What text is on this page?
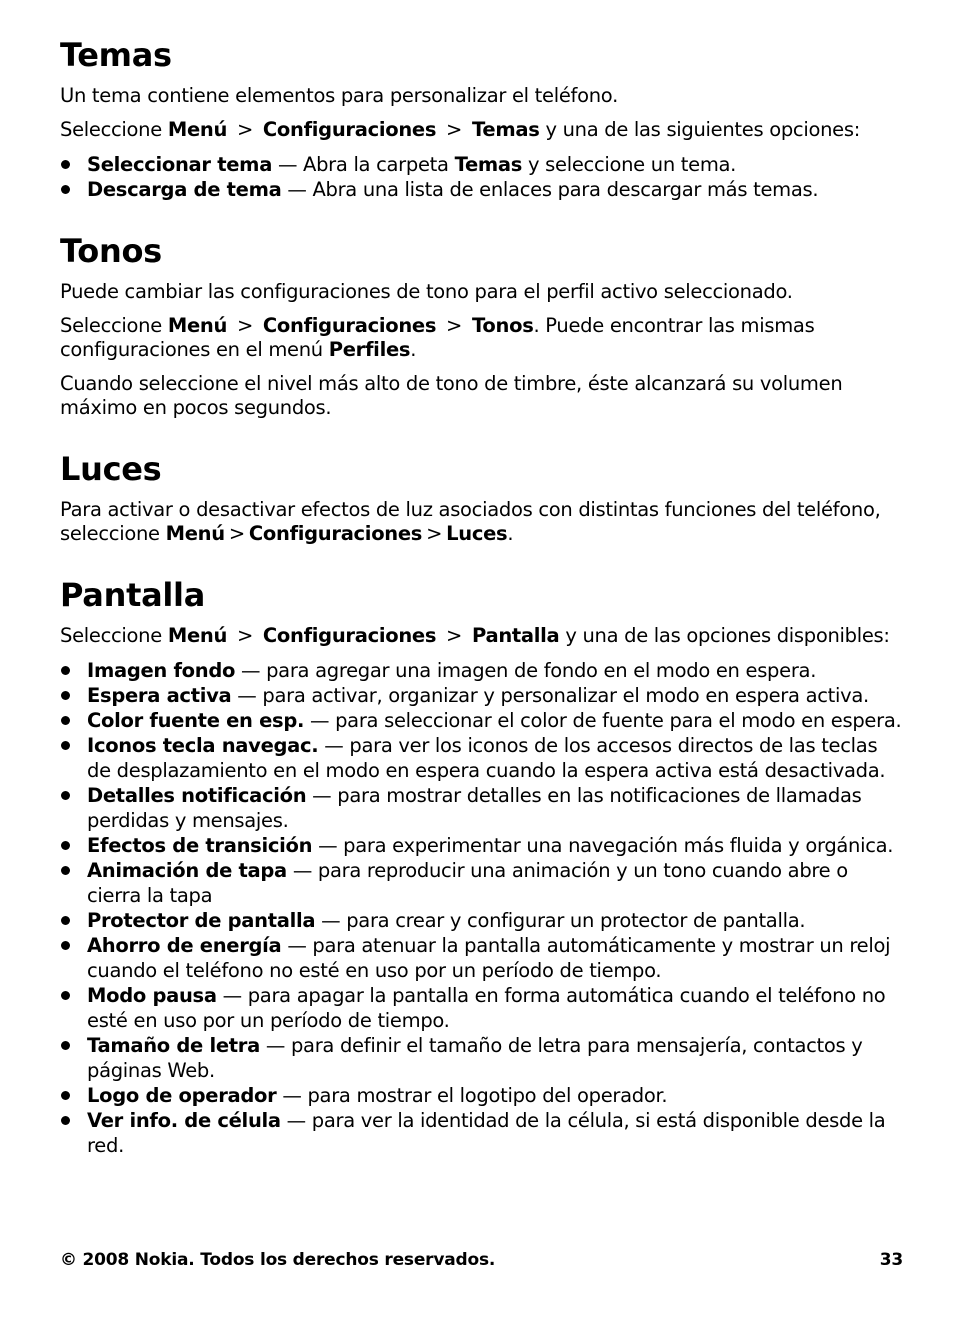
Temas

Un tema contiene elementos para personalizar el teléfono.

Seleccione Menú > Configuraciones > Temas y una de las siguientes opciones:

Seleccionar tema — Abra la carpeta Temas y seleccione un tema.
Descarga de tema — Abra una lista de enlaces para descargar más temas.
Tonos

Puede cambiar las configuraciones de tono para el perfil activo seleccionado.

Seleccione Menú > Configuraciones > Tonos. Puede encontrar las mismas configuraciones en el menú Perfiles.

Cuando seleccione el nivel más alto de tono de timbre, éste alcanzará su volumen máximo en pocos segundos.

Luces

Para activar o desactivar efectos de luz asociados con distintas funciones del teléfono, seleccione Menú > Configuraciones > Luces.

Pantalla

Seleccione Menú > Configuraciones > Pantalla y una de las opciones disponibles:

Imagen fondo — para agregar una imagen de fondo en el modo en espera.
Espera activa — para activar, organizar y personalizar el modo en espera activa.
Color fuente en esp. — para seleccionar el color de fuente para el modo en espera.
Iconos tecla navegac. — para ver los iconos de los accesos directos de las teclas de desplazamiento en el modo en espera cuando la espera activa está desactivada.
Detalles notificación — para mostrar detalles en las notificaciones de llamadas perdidas y mensajes.
Efectos de transición — para experimentar una navegación más fluida y orgánica.
Animación de tapa — para reproducir una animación y un tono cuando abre o cierra la tapa
Protector de pantalla — para crear y configurar un protector de pantalla.
Ahorro de energía — para atenuar la pantalla automáticamente y mostrar un reloj cuando el teléfono no esté en uso por un período de tiempo.
Modo pausa — para apagar la pantalla en forma automática cuando el teléfono no esté en uso por un período de tiempo.
Tamaño de letra — para definir el tamaño de letra para mensajería, contactos y páginas Web.
Logo de operador — para mostrar el logotipo del operador.
Ver info. de célula — para ver la identidad de la célula, si está disponible desde la red.
© 2008 Nokia. Todos los derechos reservados.	33
